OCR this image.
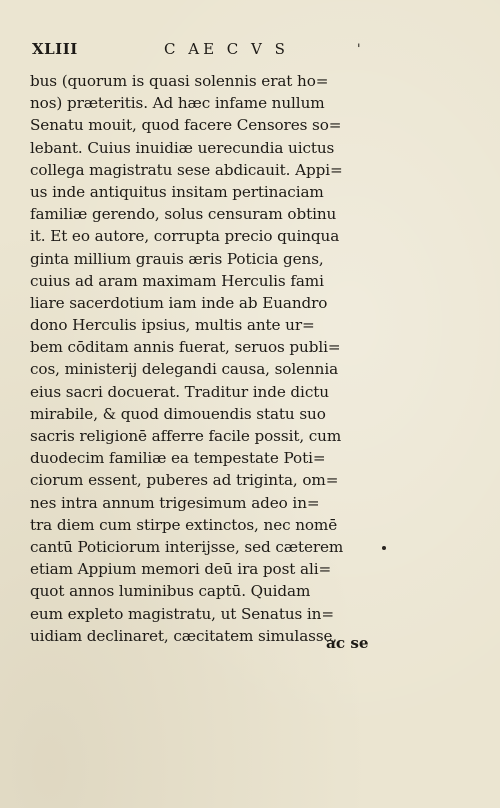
XLIII	C AE C V S	'
bus (quorum is quasi solennis erat ho=
nos) præteritis. Ad hæc infame nullum
Senatu mouit, quod facere Censores so=
lebant. Cuius inuidiæ uerecundia uictus
collega magistratu sese abdicauit. Appi=
us inde antiquitus insitam pertinaciam
familiæ gerendo, solus censuram obtinu
it. Et eo autore, corrupta precio quinqua
ginta millium grauis æris Poticia gens,
cuius ad aram maximam Herculis fami
liare sacerdotium iam inde ab Euandro
dono Herculis ipsius, multis ante ur=
bem cōditam annis fuerat, seruos publi=
cos, ministerij delegandi causa, solennia
eius sacri docuerat. Traditur inde dictu
mirabile, & quod dimouendis statu suo
sacris religionē afferre facile possit, cum
duodecim familiæ ea tempestate Poti=
ciorum essent, puberes ad triginta, om=
nes intra annum trigesimum adeo in=
tra diem cum stirpe extinctos, nec nomē
cantū Poticiorum interijsse, sed cæterem
etiam Appium memori deū ira post ali=
quot annos luminibus captū. Quidam
eum expleto magistratu, ut Senatus in=
uidiam declinaret, cæcitatem simulasse,
ac se
